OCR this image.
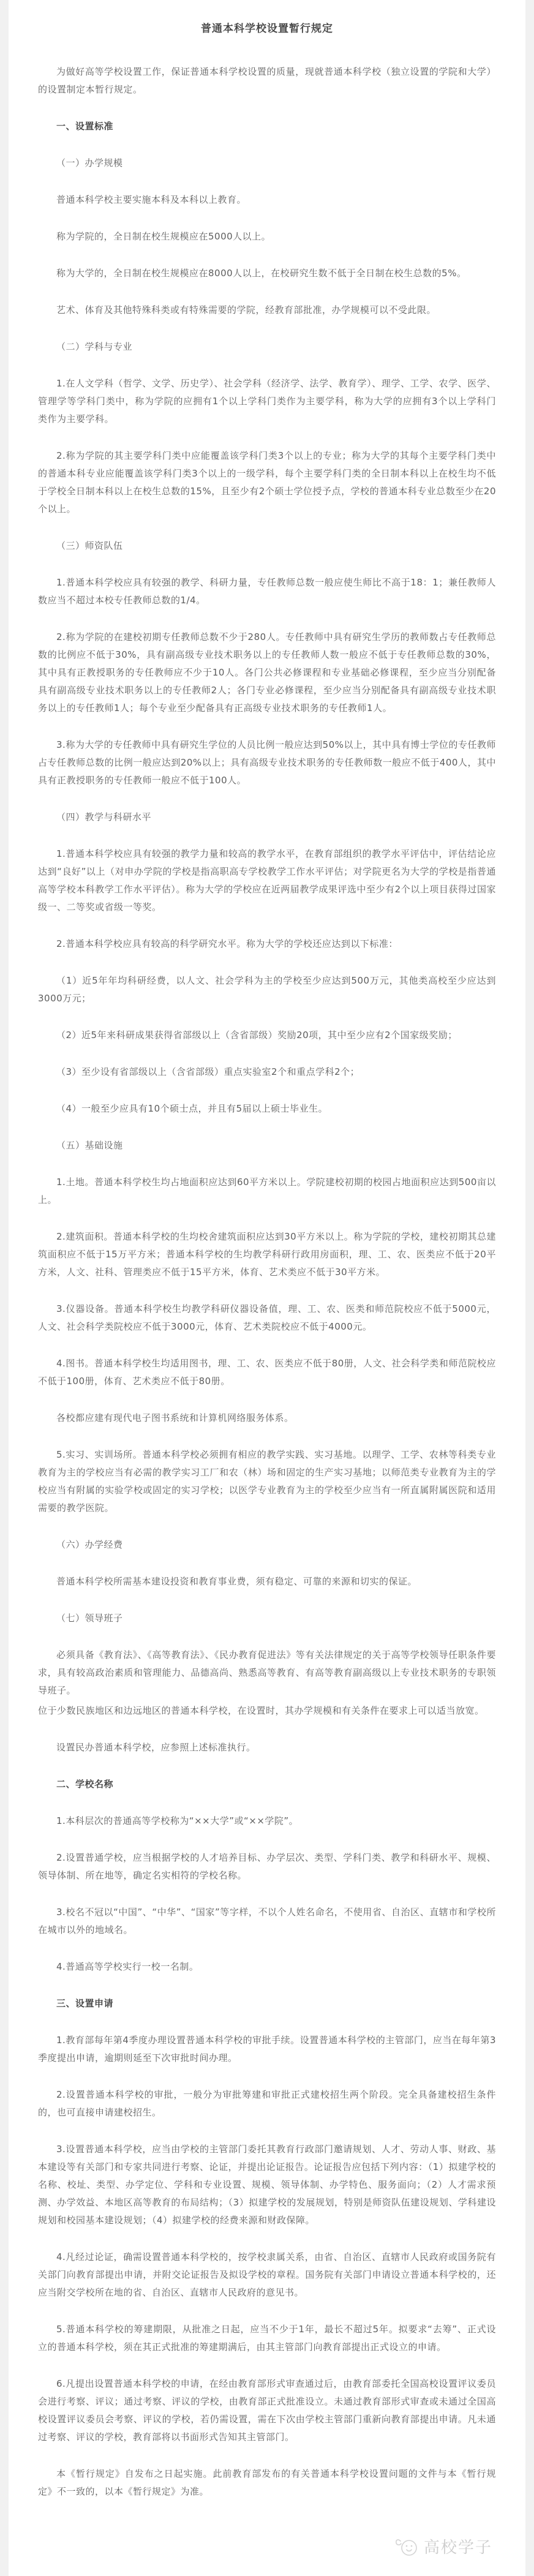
普通本科学校设置暂行规定
为做好高等学校设置工作，保证普通本科学校设置的质量，现就普通本科学校（独立设置的学院和大学）的设置制定本暂行规定。
一、设置标准
（一）办学规模
普通本科学校主要实施本科及本科以上教育。
称为学院的，全日制在校生规模应在5000人以上。
称为大学的，全日制在校生规模应在8000人以上，在校研究生数不低于全日制在校生总数的5%。
艺术、体育及其他特殊科类或有特殊需要的学院，经教育部批准，办学规模可以不受此限。
（二）学科与专业
1.在人文学科（哲学、文学、历史学）、社会学科（经济学、法学、教育学）、理学、工学、农学、医学、管理学等学科门类中，称为学院的应拥有1个以上学科门类作为主要学科，称为大学的应拥有3个以上学科门类作为主要学科。
2.称为学院的其主要学科门类中应能覆盖该学科门类3个以上的专业；称为大学的其每个主要学科门类中的普通本科专业应能覆盖该学科门类3个以上的一级学科，每个主要学科门类的全日制本科以上在校生均不低于学校全日制本科以上在校生总数的15%，且至少有2个硕士学位授予点，学校的普通本科专业总数至少在20个以上。
（三）师资队伍
1.普通本科学校应具有较强的教学、科研力量，专任教师总数一般应使生师比不高于18：1；兼任教师人数应当不超过本校专任教师总数的1/4。
2.称为学院的在建校初期专任教师总数不少于280人。专任教师中具有研究生学历的教师数占专任教师总数的比例应不低于30%，具有副高级专业技术职务以上的专任教师人数一般应不低于专任教师总数的30%，其中具有正教授职务的专任教师应不少于10人。各门公共必修课程和专业基础必修课程，至少应当分别配备具有副高级专业技术职务以上的专任教师2人；各门专业必修课程，至少应当分别配备具有副高级专业技术职务以上的专任教师1人；每个专业至少配备具有正高级专业技术职务的专任教师1人。
3.称为大学的专任教师中具有研究生学位的人员比例一般应达到50%以上，其中具有博士学位的专任教师占专任教师总数的比例一般应达到20%以上；具有高级专业技术职务的专任教师数一般应不低于400人，其中具有正教授职务的专任教师一般应不低于100人。
（四）教学与科研水平
1.普通本科学校应具有较强的教学力量和较高的教学水平，在教育部组织的教学水平评估中，评估结论应达到“良好”以上（对申办学院的学校是指高职高专学校教学工作水平评估；对学院更名为大学的学校是指普通高等学校本科教学工作水平评估）。称为大学的学校应在近两届教学成果评选中至少有2个以上项目获得过国家级一、二等奖或省级一等奖。
2.普通本科学校应具有较高的科学研究水平。称为大学的学校还应达到以下标准：
（1）近5年年均科研经费，以人文、社会学科为主的学校至少应达到500万元，其他类高校至少应达到3000万元；
（2）近5年来科研成果获得省部级以上（含省部级）奖励20项，其中至少应有2个国家级奖励；
（3）至少设有省部级以上（含省部级）重点实验室2个和重点学科2个；
（4）一般至少应具有10个硕士点，并且有5届以上硕士毕业生。
（五）基础设施
1.土地。普通本科学校生均占地面积应达到60平方米以上。学院建校初期的校园占地面积应达到500亩以上。
2.建筑面积。普通本科学校的生均校舍建筑面积应达到30平方米以上。称为学院的学校，建校初期其总建筑面积应不低于15万平方米；普通本科学校的生均教学科研行政用房面积，理、工、农、医类应不低于20平方米，人文、社科、管理类应不低于15平方米，体育、艺术类应不低于30平方米。
3.仪器设备。普通本科学校生均教学科研仪器设备值，理、工、农、医类和师范院校应不低于5000元，人文、社会科学类院校应不低于3000元，体育、艺术类院校应不低于4000元。
4.图书。普通本科学校生均适用图书，理、工、农、医类应不低于80册，人文、社会科学类和师范院校应不低于100册，体育、艺术类应不低于80册。
各校都应建有现代电子图书系统和计算机网络服务体系。
5.实习、实训场所。普通本科学校必须拥有相应的教学实践、实习基地。以理学、工学、农林等科类专业教育为主的学校应当有必需的教学实习工厂和农（林）场和固定的生产实习基地；以师范类专业教育为主的学校应当有附属的实验学校或固定的实习学校；以医学专业教育为主的学校至少应当有一所直属附属医院和适用需要的教学医院。
（六）办学经费
普通本科学校所需基本建设投资和教育事业费，须有稳定、可靠的来源和切实的保证。
（七）领导班子
必须具备《教育法》、《高等教育法》、《民办教育促进法》等有关法律规定的关于高等学校领导任职条件要求，具有较高政治素质和管理能力、品德高尚、熟悉高等教育、有高等教育副高级以上专业技术职务的专职领导班子。
位于少数民族地区和边远地区的普通本科学校，在设置时，其办学规模和有关条件在要求上可以适当放宽。
设置民办普通本科学校，应参照上述标准执行。
二、学校名称
1.本科层次的普通高等学校称为“××大学”或“××学院”。
2.设置普通学校，应当根据学校的人才培养目标、办学层次、类型、学科门类、教学和科研水平、规模、领导体制、所在地等，确定名实相符的学校名称。
3.校名不冠以“中国”、“中华”、“国家”等字样，不以个人姓名命名，不使用省、自治区、直辖市和学校所在城市以外的地域名。
4.普通高等学校实行一校一名制。
三、设置申请
1.教育部每年第4季度办理设置普通本科学校的审批手续。设置普通本科学校的主管部门，应当在每年第3季度提出申请，逾期则延至下次审批时间办理。
2.设置普通本科学校的审批，一般分为审批筹建和审批正式建校招生两个阶段。完全具备建校招生条件的，也可直接申请建校招生。
3.设置普通本科学校，应当由学校的主管部门委托其教育行政部门邀请规划、人才、劳动人事、财政、基本建设等有关部门和专家共同进行考察、论证，并提出论证报告。论证报告应包括下列内容：（1）拟建学校的名称、校址、类型、办学定位、学科和专业设置、规模、领导体制、办学特色、服务面向；（2）人才需求预测、办学效益、本地区高等教育的布局结构；（3）拟建学校的发展规划，特别是师资队伍建设规划、学科建设规划和校园基本建设规划；（4）拟建学校的经费来源和财政保障。
4.凡经过论证，确需设置普通本科学校的，按学校隶属关系，由省、自治区、直辖市人民政府或国务院有关部门向教育部提出申请，并附交论证报告及拟设学校的章程。国务院有关部门申请设立普通本科学校的，还应当附交学校所在地的省、自治区、直辖市人民政府的意见书。
5.普通本科学校的筹建期限，从批准之日起，应当不少于1年，最长不超过5年。拟要求“去筹”、正式设立的普通本科学校，须在其正式批准的筹建期满后，由其主管部门向教育部提出正式设立的申请。
6.凡提出设置普通本科学校的申请，在经由教育部形式审查通过后，由教育部委托全国高校设置评议委员会进行考察、评议；通过考察、评议的学校，由教育部正式批准设立。未通过教育部形式审查或未通过全国高校设置评议委员会考察、评议的学校，若仍需设置，需在下次由学校主管部门重新向教育部提出申请。凡未通过考察、评议的学校，教育部将以书面形式告知其主管部门。
本《暂行规定》自发布之日起实施。此前教育部发布的有关普通本科学校设置问题的文件与本《暂行规定》不一致的，以本《暂行规定》为准。
高校学子
